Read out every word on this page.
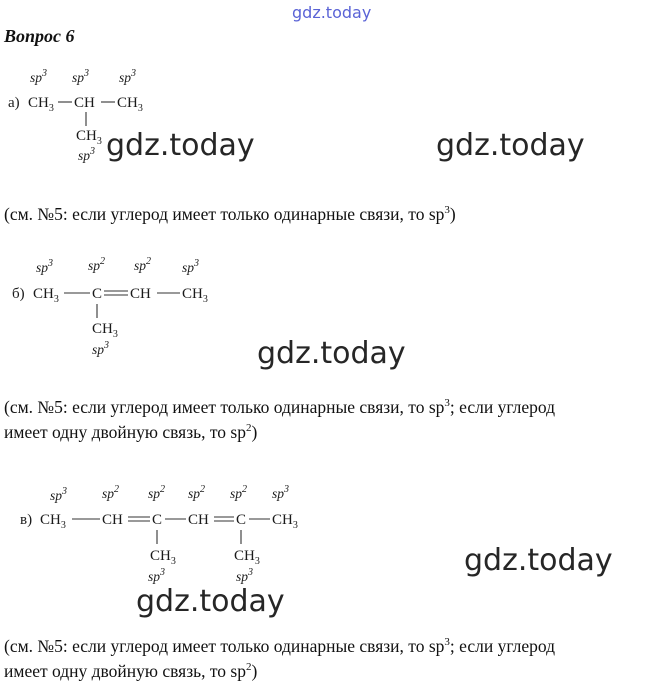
gdz.today
Вопрос 6
$sp^3$ $sp^3$ $sp^3$
а) $CH_3$ CH $CH_3$
$CH_3$
$sp^3$ gdz.today	gdz.today
(см. №5: если углерод имеет только одинарные связи, то $sp^3$)
$sp^3$	$sp^2$ $sp^2$ $sp^3$
б) $CH_3$ C CH $CH_3$
$CH_3$
$sp^3$	gdz.today
(см. №5: если углерод имеет только одинарные связи, то $sp^3$; если углерод
имеет одну двойную связь, то $sp^2$)
$sp^3$	$sp^2$ $sp^2$ $sp^2$ $sp^2$ $sp^3$
в) $CH_3$ CH C CH C $CH_3$
$CH_3$
$sp^3$
$CH_3$
$sp^3$	gdz.today
gdz.today
(см. №5: если углерод имеет только одинарные связи, то $sp^3$; если углерод
имеет одну двойную связь, то $sp^2$)
